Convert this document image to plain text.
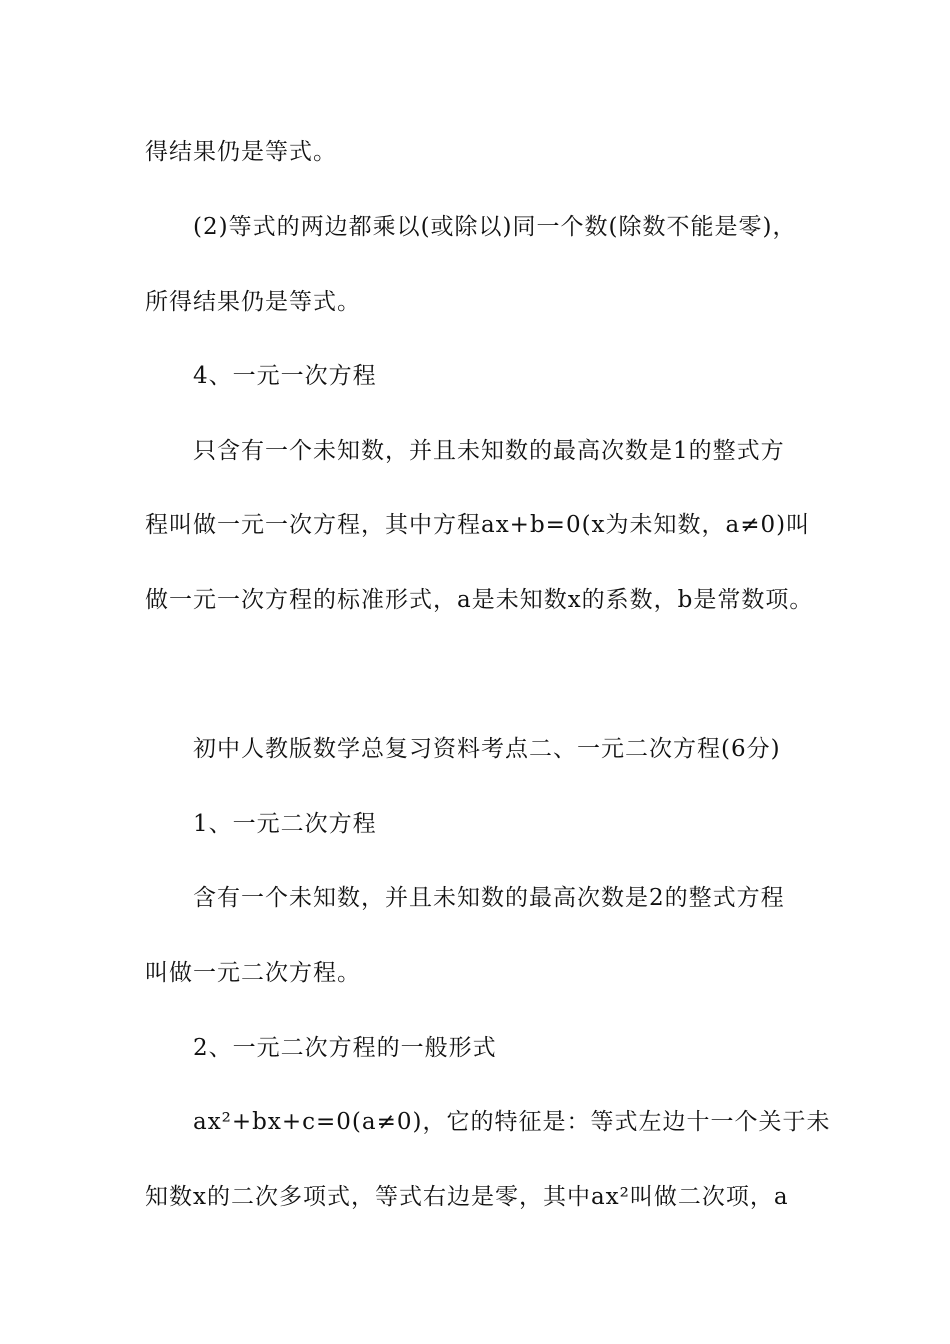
得结果仍是等式。
(2)等式的两边都乘以(或除以)同一个数(除数不能是零)，
所得结果仍是等式。
4、一元一次方程
只含有一个未知数，并且未知数的最高次数是1的整式方
程叫做一元一次方程，其中方程ax+b=0(x为未知数，a≠0)叫
做一元一次方程的标准形式，a是未知数x的系数，b是常数项。
初中人教版数学总复习资料考点二、一元二次方程(6分)
1、一元二次方程
含有一个未知数，并且未知数的最高次数是2的整式方程
叫做一元二次方程。
2、一元二次方程的一般形式
ax²+bx+c=0(a≠0)，它的特征是：等式左边十一个关于未
知数x的二次多项式，等式右边是零，其中ax²叫做二次项，a
